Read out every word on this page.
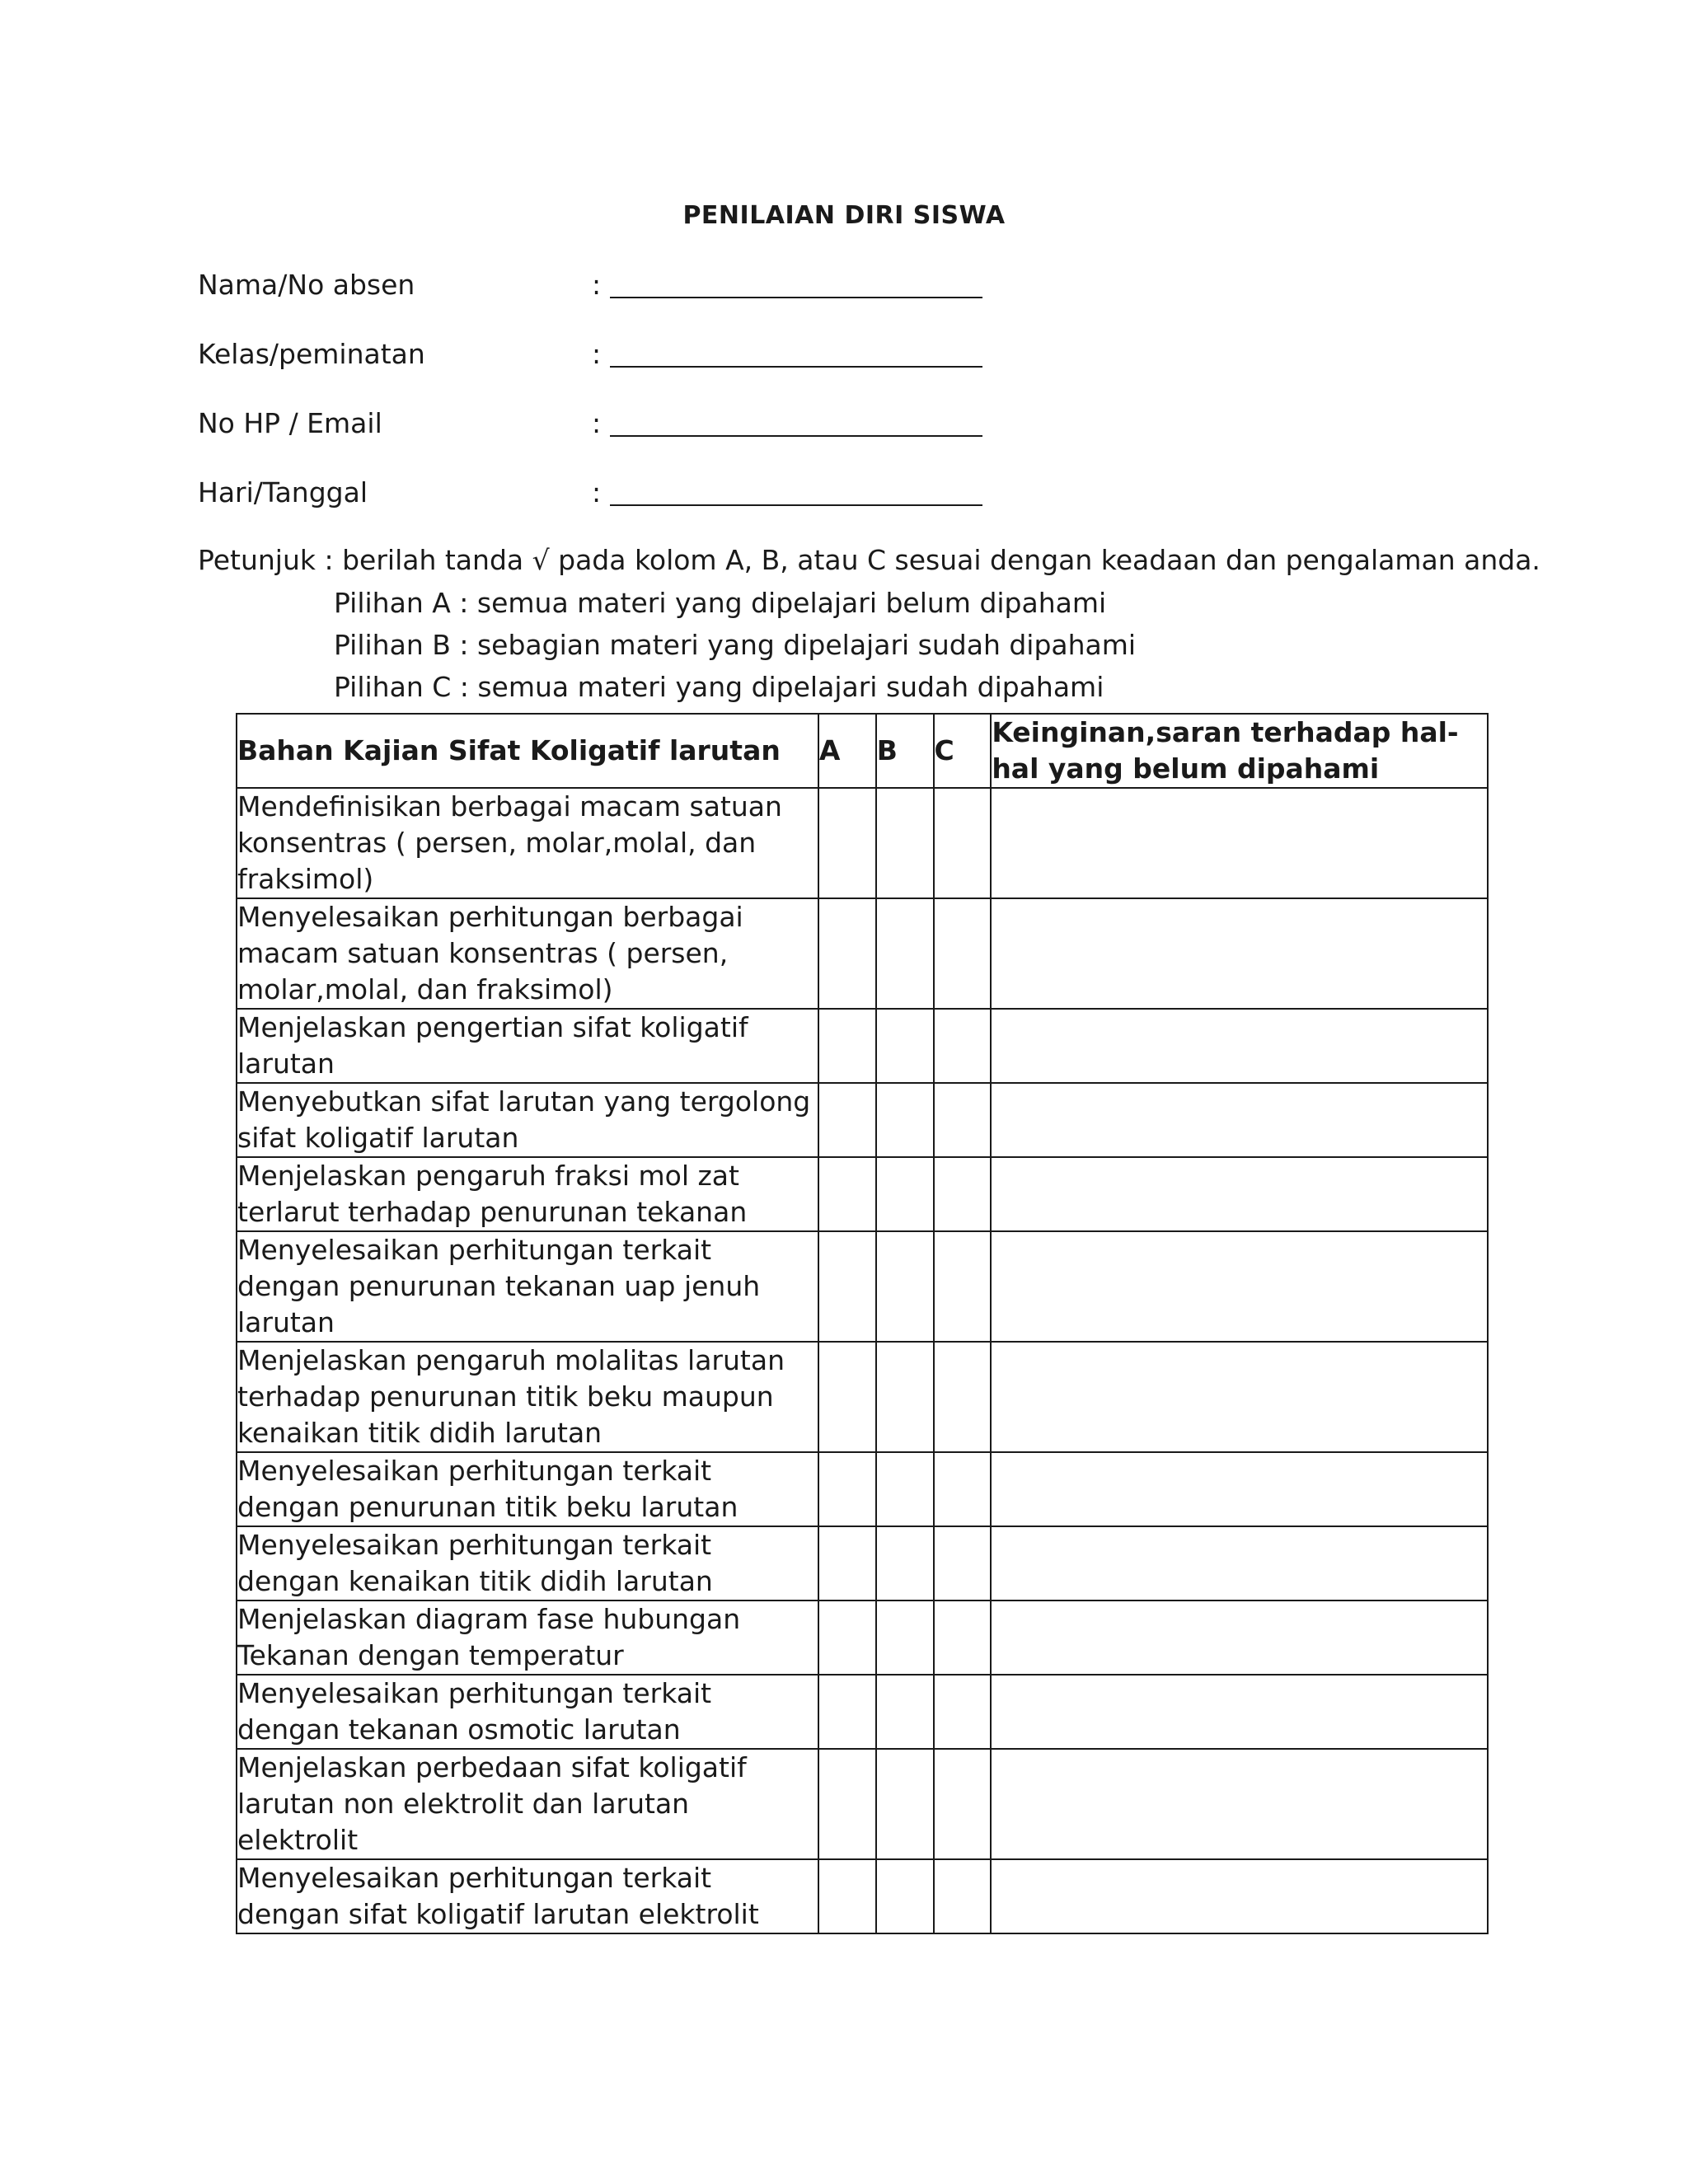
PENILAIAN DIRI SISWA
Nama/No absen	:
Kelas/peminatan	:
No HP / Email	:
Hari/Tanggal	:
Petunjuk : berilah tanda √ pada kolom A, B, atau C sesuai dengan keadaan dan pengalaman anda.
Pilihan A : semua materi yang dipelajari belum dipahami
Pilihan B : sebagian materi yang dipelajari sudah dipahami
Pilihan C : semua materi yang dipelajari sudah dipahami
Bahan Kajian Sifat Koligatif larutan	A	B	C	Keinginan,saran terhadap hal-hal yang belum dipahami
Mendefinisikan berbagai macam satuan konsentras ( persen, molar,molal, dan fraksimol)				
Menyelesaikan perhitungan berbagai macam satuan konsentras ( persen, molar,molal, dan fraksimol)				
Menjelaskan pengertian sifat koligatif larutan				
Menyebutkan sifat larutan yang tergolong sifat koligatif larutan				
Menjelaskan pengaruh fraksi mol zat terlarut terhadap penurunan tekanan				
Menyelesaikan perhitungan terkait dengan penurunan tekanan uap jenuh larutan				
Menjelaskan pengaruh molalitas larutan terhadap penurunan titik beku maupun kenaikan titik didih larutan				
Menyelesaikan perhitungan terkait dengan penurunan titik beku larutan				
Menyelesaikan perhitungan terkait dengan kenaikan titik didih larutan				
Menjelaskan diagram fase hubungan Tekanan dengan temperatur				
Menyelesaikan perhitungan terkait dengan tekanan osmotic larutan				
Menjelaskan perbedaan sifat koligatif larutan non elektrolit dan larutan elektrolit				
Menyelesaikan perhitungan terkait dengan sifat koligatif larutan elektrolit				
